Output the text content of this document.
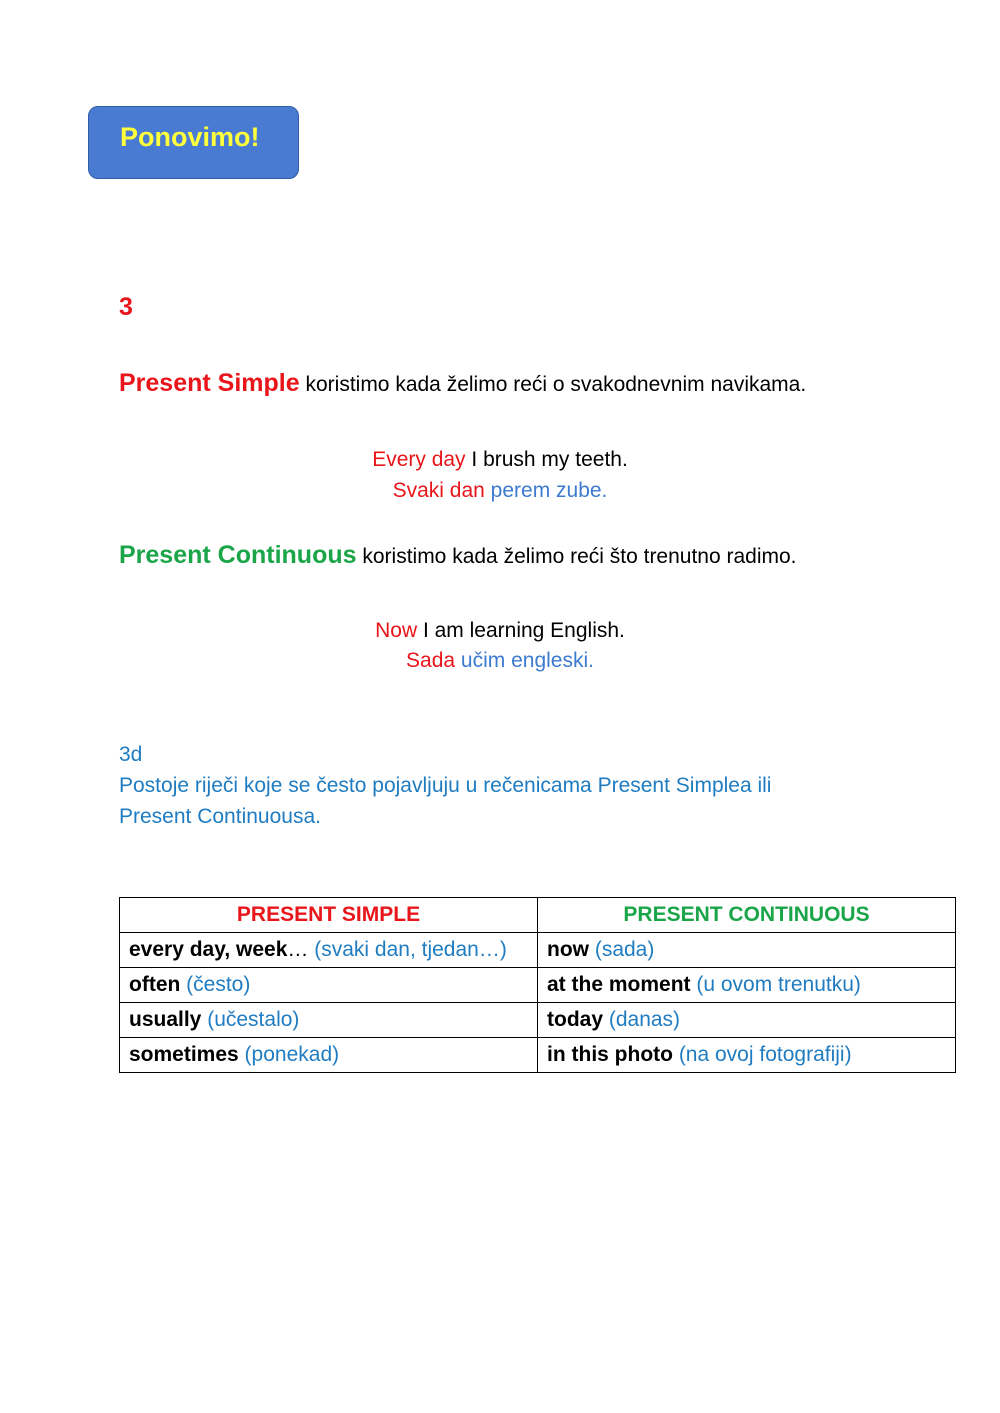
Ponovimo!
3
Present Simple koristimo kada želimo reći o svakodnevnim navikama.
Every day I brush my teeth.
Svaki dan perem zube.
Present Continuous koristimo kada želimo reći što trenutno radimo.
Now I am learning English.
Sada učim engleski.
3d
Postoje riječi koje se često pojavljuju u rečenicama Present Simplea ili
Present Continuousa.
PRESENT SIMPLE	PRESENT CONTINUOUS
every day, week… (svaki dan, tjedan…)	now (sada)
often (često)	at the moment (u ovom trenutku)
usually (učestalo)	today (danas)
sometimes (ponekad)	in this photo (na ovoj fotografiji)
